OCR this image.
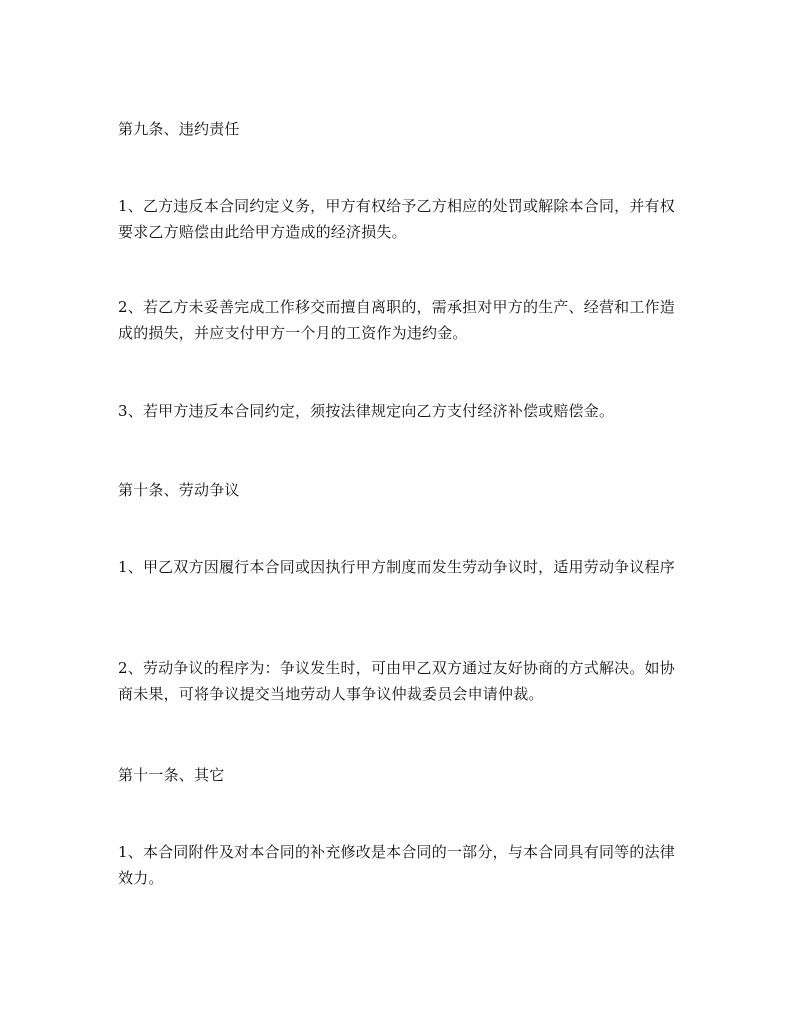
第九条、违约责任

1、乙方违反本合同约定义务，甲方有权给予乙方相应的处罚或解除本合同，并有权要求乙方赔偿由此给甲方造成的经济损失。

2、若乙方未妥善完成工作移交而擅自离职的，需承担对甲方的生产、经营和工作造成的损失，并应支付甲方一个月的工资作为违约金。

3、若甲方违反本合同约定，须按法律规定向乙方支付经济补偿或赔偿金。

第十条、劳动争议

1、甲乙双方因履行本合同或因执行甲方制度而发生劳动争议时，适用劳动争议程序

2、劳动争议的程序为：争议发生时，可由甲乙双方通过友好协商的方式解决。如协商未果，可将争议提交当地劳动人事争议仲裁委员会申请仲裁。

第十一条、其它

1、本合同附件及对本合同的补充修改是本合同的一部分，与本合同具有同等的法律效力。
